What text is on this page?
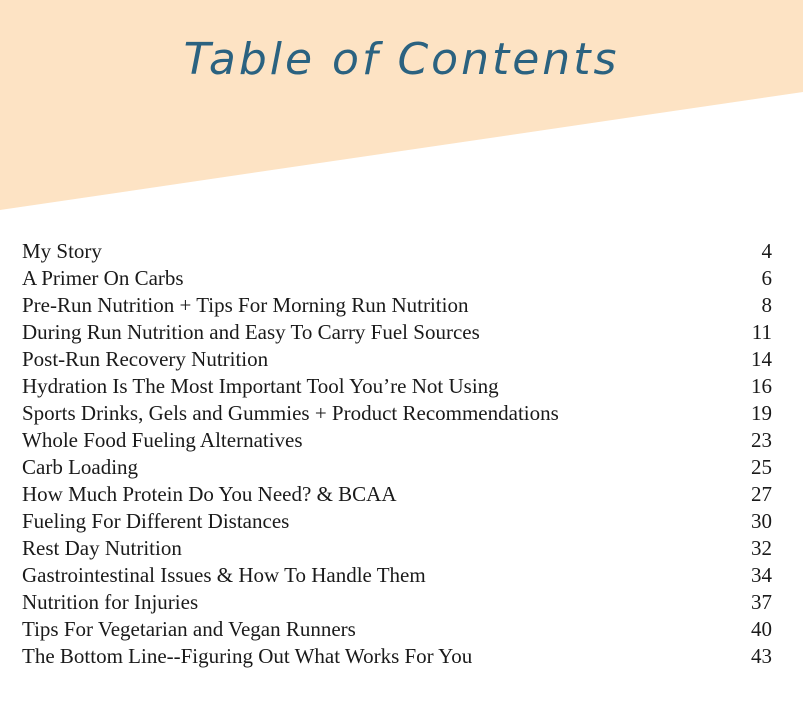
Table of Contents
My Story	4
A Primer On Carbs	6
Pre-Run Nutrition + Tips For Morning Run Nutrition	8
During Run Nutrition and Easy To Carry Fuel Sources	11
Post-Run Recovery Nutrition	14
Hydration Is The Most Important Tool You’re Not Using	16
Sports Drinks, Gels and Gummies + Product Recommendations	19
Whole Food Fueling Alternatives	23
Carb Loading	25
How Much Protein Do You Need? & BCAA	27
Fueling For Different Distances	30
Rest Day Nutrition	32
Gastrointestinal Issues & How To Handle Them	34
Nutrition for Injuries	37
Tips For Vegetarian and Vegan Runners	40
The Bottom Line--Figuring Out What Works For You	43
